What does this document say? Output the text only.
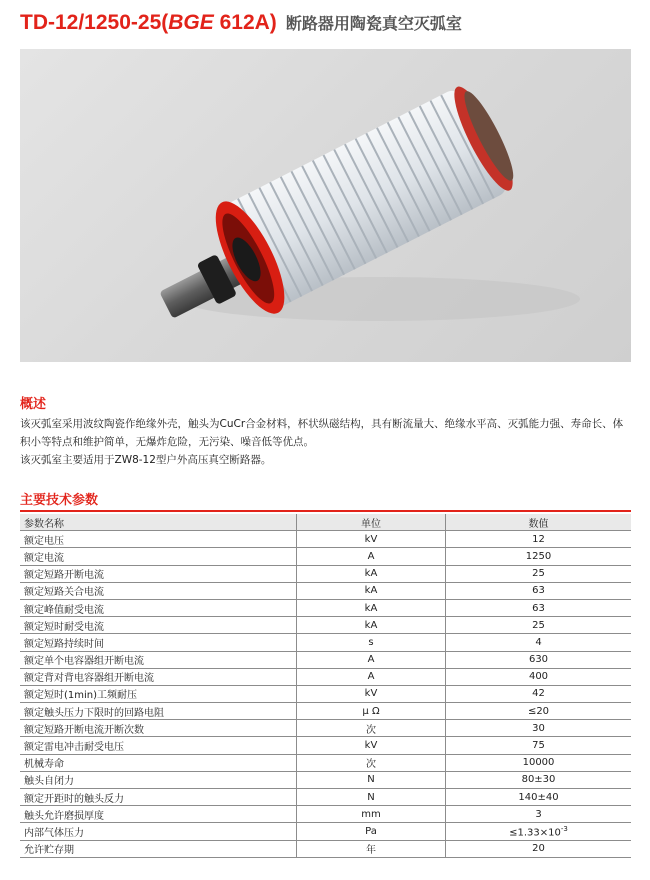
TD-12/1250-25(BGE 612A) 断路器用陶瓷真空灭弧室
概述

该灭弧室采用波纹陶瓷作绝缘外壳，触头为CuCr合金材料，杯状纵磁结构，具有断流量大、绝缘水平高、灭弧能力强、寿命长、体积小等特点和维护简单，无爆炸危险，无污染、噪音低等优点。

该灭弧室主要适用于ZW8-12型户外高压真空断路器。

主要技术参数
参数名称	单位	数值
额定电压	kV	12
额定电流	A	1250
额定短路开断电流	kA	25
额定短路关合电流	kA	63
额定峰值耐受电流	kA	63
额定短时耐受电流	kA	25
额定短路持续时间	s	4
额定单个电容器组开断电流	A	630
额定背对背电容器组开断电流	A	400
额定短时(1min)工频耐压	kV	42
额定触头压力下限时的回路电阻	μ Ω	≤20
额定短路开断电流开断次数	次	30
额定雷电冲击耐受电压	kV	75
机械寿命	次	10000
触头自闭力	N	80±30
额定开距时的触头反力	N	140±40
触头允许磨损厚度	mm	3
内部气体压力	Pa	$\le 1.33\times 10^{-3}$
允许贮存期	年	20
